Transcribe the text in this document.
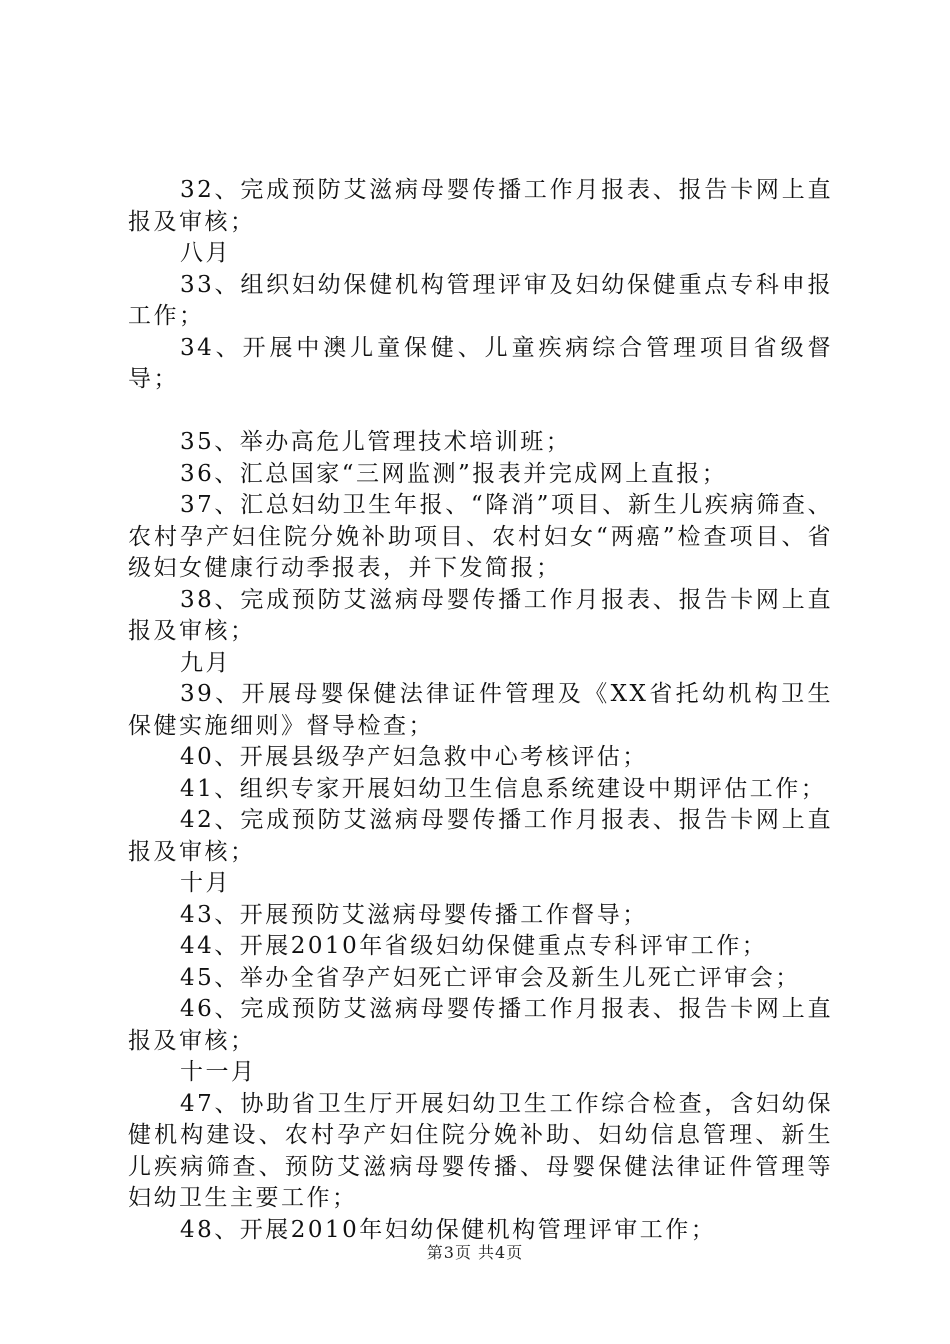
32、完成预防艾滋病母婴传播工作月报表、报告卡网上直报及审核；

八月

33、组织妇幼保健机构管理评审及妇幼保健重点专科申报工作；

34、开展中澳儿童保健、儿童疾病综合管理项目省级督导；

35、举办高危儿管理技术培训班；

36、汇总国家“三网监测”报表并完成网上直报；

37、汇总妇幼卫生年报、“降消”项目、新生儿疾病筛查、农村孕产妇住院分娩补助项目、农村妇女“两癌”检查项目、省级妇女健康行动季报表，并下发简报；

38、完成预防艾滋病母婴传播工作月报表、报告卡网上直报及审核；

九月

39、开展母婴保健法律证件管理及《XX省托幼机构卫生保健实施细则》督导检查；

40、开展县级孕产妇急救中心考核评估；

41、组织专家开展妇幼卫生信息系统建设中期评估工作；

42、完成预防艾滋病母婴传播工作月报表、报告卡网上直报及审核；

十月

43、开展预防艾滋病母婴传播工作督导；

44、开展2010年省级妇幼保健重点专科评审工作；

45、举办全省孕产妇死亡评审会及新生儿死亡评审会；

46、完成预防艾滋病母婴传播工作月报表、报告卡网上直报及审核；

十一月

47、协助省卫生厅开展妇幼卫生工作综合检查，含妇幼保健机构建设、农村孕产妇住院分娩补助、妇幼信息管理、新生儿疾病筛查、预防艾滋病母婴传播、母婴保健法律证件管理等妇幼卫生主要工作；

48、开展2010年妇幼保健机构管理评审工作；

第3页 共4页
